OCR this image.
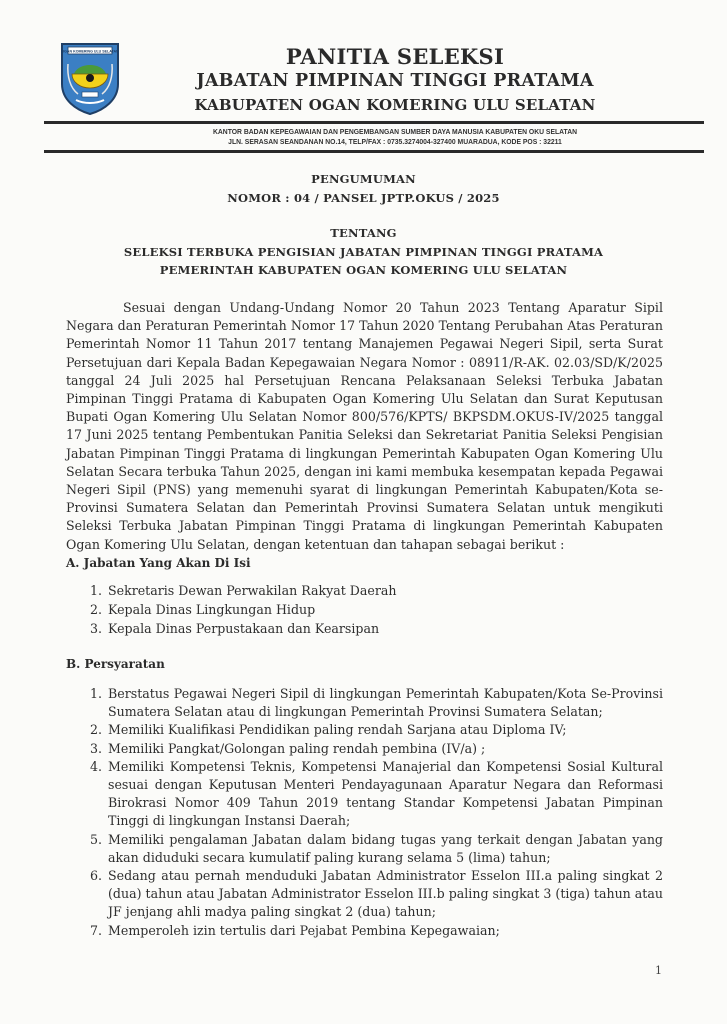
OGAN KOMERING ULU SELATAN	PANITIA SELEKSI
JABATAN PIMPINAN TINGGI PRATAMA
KABUPATEN OGAN KOMERING ULU SELATAN
KANTOR BADAN KEPEGAWAIAN DAN PENGEMBANGAN SUMBER DAYA MANUSIA KABUPATEN OKU SELATAN
JLN. SERASAN SEANDANAN NO.14, TELP/FAX : 0735.3274004-327400 MUARADUA, KODE POS : 32211
PENGUMUMAN
NOMOR : 04 / PANSEL JPTP.OKUS / 2025
TENTANG
SELEKSI TERBUKA PENGISIAN JABATAN PIMPINAN TINGGI PRATAMA
PEMERINTAH KABUPATEN OGAN KOMERING ULU SELATAN

Sesuai dengan Undang-Undang Nomor 20 Tahun 2023 Tentang Aparatur Sipil Negara dan Peraturan Pemerintah Nomor 17 Tahun 2020 Tentang Perubahan Atas Peraturan Pemerintah Nomor 11 Tahun 2017 tentang Manajemen Pegawai Negeri Sipil, serta Surat Persetujuan dari Kepala Badan Kepegawaian Negara Nomor : 08911/R-AK. 02.03/SD/K/2025 tanggal 24 Juli 2025 hal Persetujuan Rencana Pelaksanaan Seleksi Terbuka Jabatan Pimpinan Tinggi Pratama di Kabupaten Ogan Komering Ulu Selatan dan Surat Keputusan Bupati Ogan Komering Ulu Selatan Nomor 800/576/KPTS/ BKPSDM.OKUS-IV/2025 tanggal 17 Juni 2025 tentang Pembentukan Panitia Seleksi dan Sekretariat Panitia Seleksi Pengisian Jabatan Pimpinan Tinggi Pratama di lingkungan Pemerintah Kabupaten Ogan Komering Ulu Selatan Secara terbuka Tahun 2025, dengan ini kami membuka kesempatan kepada Pegawai Negeri Sipil (PNS) yang memenuhi syarat di lingkungan Pemerintah Kabupaten/Kota se-Provinsi Sumatera Selatan dan Pemerintah Provinsi Sumatera Selatan untuk mengikuti Seleksi Terbuka Jabatan Pimpinan Tinggi Pratama di lingkungan Pemerintah Kabupaten Ogan Komering Ulu Selatan, dengan ketentuan dan tahapan sebagai berikut :

A. Jabatan Yang Akan Di Isi
1. Sekretaris Dewan Perwakilan Rakyat Daerah
2. Kepala Dinas Lingkungan Hidup
3. Kepala Dinas Perpustakaan dan Kearsipan
B. Persyaratan
1. Berstatus Pegawai Negeri Sipil di lingkungan Pemerintah Kabupaten/Kota Se-Provinsi Sumatera Selatan atau di lingkungan Pemerintah Provinsi Sumatera Selatan;
2. Memiliki Kualifikasi Pendidikan paling rendah Sarjana atau Diploma IV;
3. Memiliki Pangkat/Golongan paling rendah pembina (IV/a) ;
4. Memiliki Kompetensi Teknis, Kompetensi Manajerial dan Kompetensi Sosial Kultural sesuai dengan Keputusan Menteri Pendayagunaan Aparatur Negara dan Reformasi Birokrasi Nomor 409 Tahun 2019 tentang Standar Kompetensi Jabatan Pimpinan Tinggi di lingkungan Instansi Daerah;
5. Memiliki pengalaman Jabatan dalam bidang tugas yang terkait dengan Jabatan yang akan diduduki secara kumulatif paling kurang selama 5 (lima) tahun;
6. Sedang atau pernah menduduki Jabatan Administrator Esselon III.a paling singkat 2 (dua) tahun atau Jabatan Administrator Esselon III.b paling singkat 3 (tiga) tahun atau JF jenjang ahli madya paling singkat 2 (dua) tahun;
7. Memperoleh izin tertulis dari Pejabat Pembina Kepegawaian;
1
